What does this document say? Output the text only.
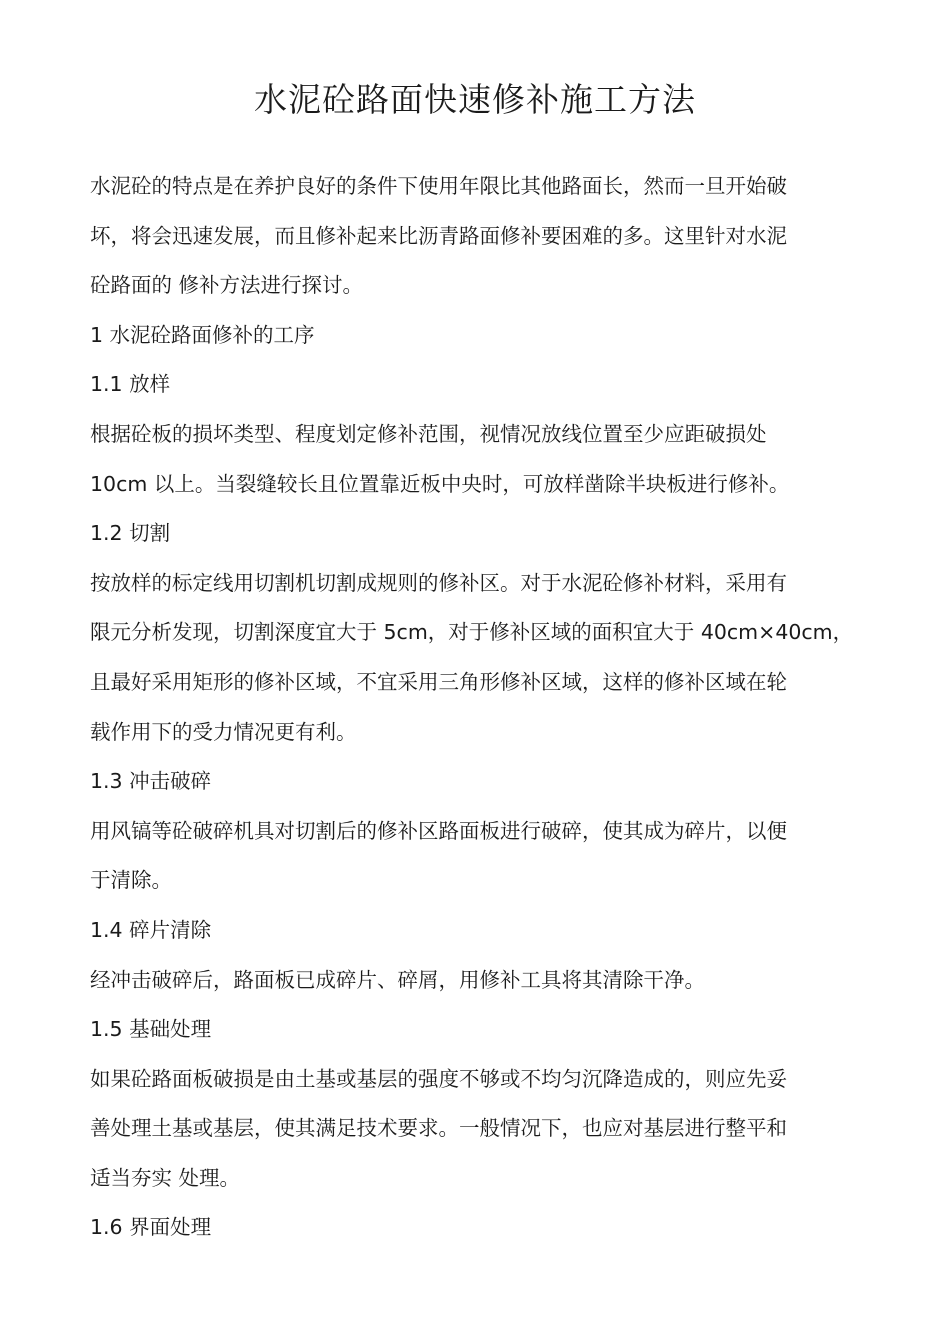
水泥砼路面快速修补施工方法

水泥砼的特点是在养护良好的条件下使用年限比其他路面长，然而一旦开始破

坏，将会迅速发展，而且修补起来比沥青路面修补要困难的多。这里针对水泥

砼路面的 修补方法进行探讨。

1 水泥砼路面修补的工序
1.1 放样

根据砼板的损坏类型、程度划定修补范围，视情况放线位置至少应距破损处

10cm 以上。当裂缝较长且位置靠近板中央时，可放样凿除半块板进行修补。

1.2 切割

按放样的标定线用切割机切割成规则的修补区。对于水泥砼修补材料，采用有

限元分析发现，切割深度宜大于 5cm，对于修补区域的面积宜大于 40cm×40cm，

且最好采用矩形的修补区域，不宜采用三角形修补区域，这样的修补区域在轮

载作用下的受力情况更有利。

1.3 冲击破碎

用风镐等砼破碎机具对切割后的修补区路面板进行破碎，使其成为碎片，以便

于清除。

1.4 碎片清除

经冲击破碎后，路面板已成碎片、碎屑，用修补工具将其清除干净。

1.5 基础处理

如果砼路面板破损是由土基或基层的强度不够或不均匀沉降造成的，则应先妥

善处理土基或基层，使其满足技术要求。一般情况下，也应对基层进行整平和

适当夯实 处理。

1.6 界面处理
